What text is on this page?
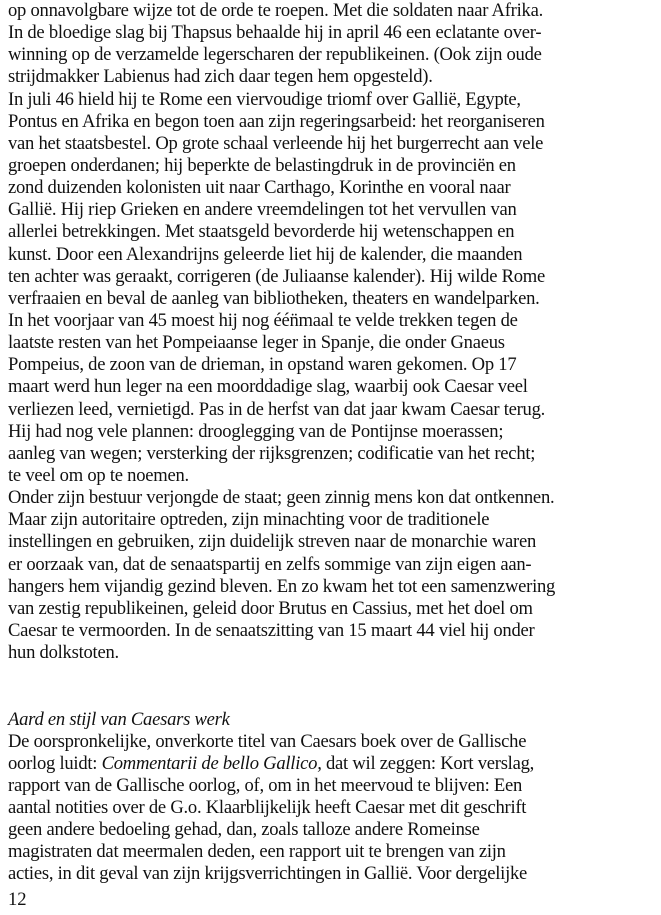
op onnavolgbare wijze tot de orde te roepen. Met die soldaten naar Afrika.
In de bloedige slag bij Thapsus behaalde hij in april 46 een eclatante over-
winning op de verzamelde legerscharen der republikeinen. (Ook zijn oude
strijdmakker Labienus had zich daar tegen hem opgesteld).
In juli 46 hield hij te Rome een viervoudige triomf over Gallië, Egypte,
Pontus en Afrika en begon toen aan zijn regeringsarbeid: het reorganiseren
van het staatsbestel. Op grote schaal verleende hij het burgerrecht aan vele
groepen onderdanen; hij beperkte de belastingdruk in de provinciën en
zond duizenden kolonisten uit naar Carthago, Korinthe en vooral naar
Gallië. Hij riep Grieken en andere vreemdelingen tot het vervullen van
allerlei betrekkingen. Met staatsgeld bevorderde hij wetenschappen en
kunst. Door een Alexandrijns geleerde liet hij de kalender, die maanden
ten achter was geraakt, corrigeren (de Juliaanse kalender). Hij wilde Rome
verfraaien en beval de aanleg van bibliotheken, theaters en wandelparken.
In het voorjaar van 45 moest hij nog één̈maal te velde trekken tegen de
laatste resten van het Pompeiaanse leger in Spanje, die onder Gnaeus
Pompeius, de zoon van de drieman, in opstand waren gekomen. Op 17
maart werd hun leger na een moorddadige slag, waarbij ook Caesar veel
verliezen leed, vernietigd. Pas in de herfst van dat jaar kwam Caesar terug.
Hij had nog vele plannen: drooglegging van de Pontijnse moerassen;
aanleg van wegen; versterking der rijksgrenzen; codificatie van het recht;
te veel om op te noemen.
Onder zijn bestuur verjongde de staat; geen zinnig mens kon dat ontkennen.
Maar zijn autoritaire optreden, zijn minachting voor de traditionele
instellingen en gebruiken, zijn duidelijk streven naar de monarchie waren
er oorzaak van, dat de senaatspartij en zelfs sommige van zijn eigen aan-
hangers hem vijandig gezind bleven. En zo kwam het tot een samenzwering
van zestig republikeinen, geleid door Brutus en Cassius, met het doel om
Caesar te vermoorden. In de senaatszitting van 15 maart 44 viel hij onder
hun dolkstoten.
Aard en stijl van Caesars werk
De oorspronkelijke, onverkorte titel van Caesars boek over de Gallische
oorlog luidt: Commentarii de bello Gallico, dat wil zeggen: Kort verslag,
rapport van de Gallische oorlog, of, om in het meervoud te blijven: Een
aantal notities over de G.o. Klaarblijkelijk heeft Caesar met dit geschrift
geen andere bedoeling gehad, dan, zoals talloze andere Romeinse
magistraten dat meermalen deden, een rapport uit te brengen van zijn
acties, in dit geval van zijn krijgsverrichtingen in Gallië. Voor dergelijke
12
